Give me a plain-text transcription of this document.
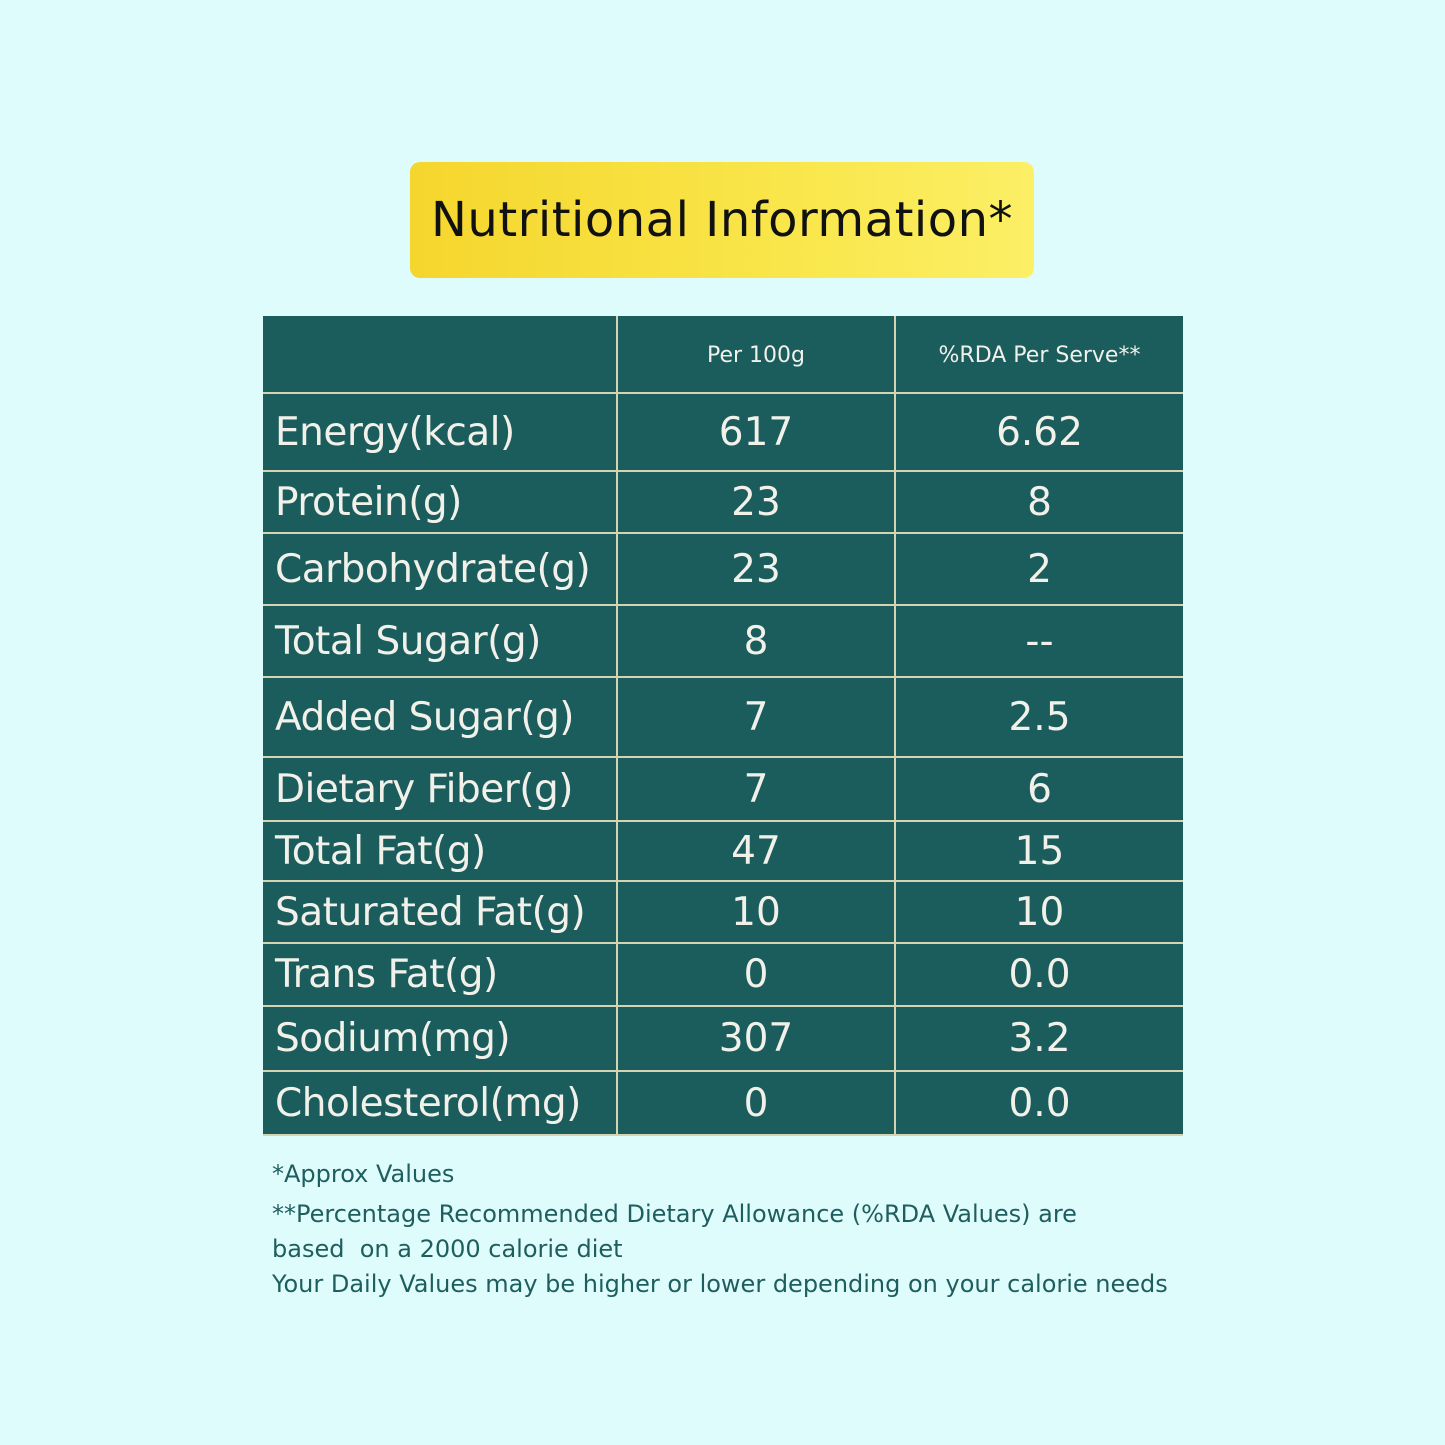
Nutritional Information*
	Per 100g	%RDA Per Serve**
Energy(kcal)	617	6.62
Protein(g)	23	8
Carbohydrate(g)	23	2
Total Sugar(g)	8	--
Added Sugar(g)	7	2.5
Dietary Fiber(g)	7	6
Total Fat(g)	47	15
Saturated Fat(g)	10	10
Trans Fat(g)	0	0.0
Sodium(mg)	307	3.2
Cholesterol(mg)	0	0.0
*Approx Values
**Percentage Recommended Dietary Allowance (%RDA Values) are
based  on a 2000 calorie diet
Your Daily Values may be higher or lower depending on your calorie needs
